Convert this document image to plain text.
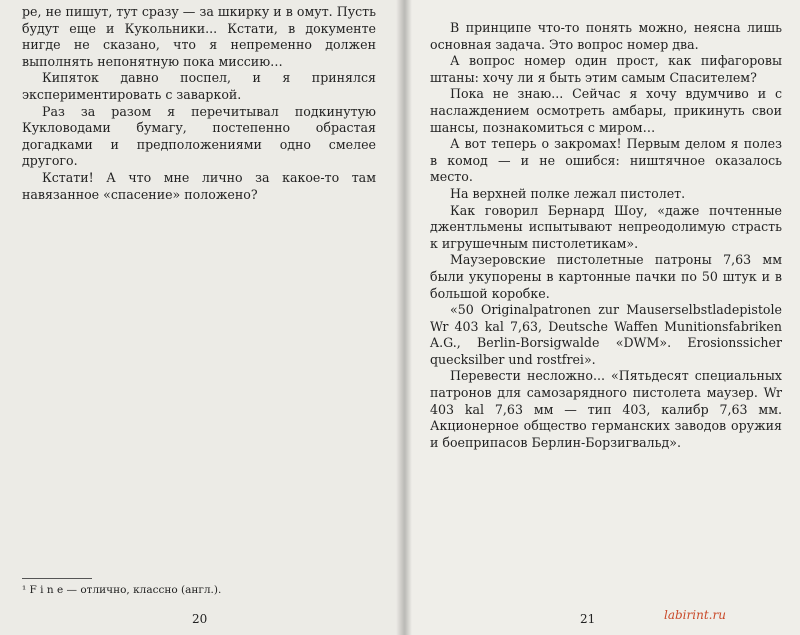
ре, не пишут, тут сразу — за шкирку и в омут. Пусть будут еще и Кукольники... Кстати, в документе нигде не сказано, что я непременно должен выполнять непонятную пока миссию…

Кипяток давно поспел, и я принялся экспериментировать с заваркой.

Раз за разом я перечитывал подкинутую Кукловодами бумагу, постепенно обрастая догадками и предположениями одно смелее другого.

Кстати! А что мне лично за какое-то там навязанное «спасение» положено?

¹ F i n e — отлично, классно (англ.).
20

В принципе что-то понять можно, неясна лишь основная задача. Это вопрос номер два.

А вопрос номер один прост, как пифагоровы штаны: хочу ли я быть этим самым Спасителем?

Пока не знаю... Сейчас я хочу вдумчиво и с наслаждением осмотреть амбары, прикинуть свои шансы, познакомиться с миром…

А вот теперь о закромах! Первым делом я полез в комод — и не ошибся: ништячное оказалось место.

На верхней полке лежал пистолет.

Как говорил Бернард Шоу, «даже почтенные джентльмены испытывают непреодолимую страсть к игрушечным пистолетикам».

Маузеровские пистолетные патроны 7,63 мм были укупорены в картонные пачки по 50 штук и в большой коробке.

«50 Originalpatronen zur Mauserselbstladepistole Wr 403 kal 7,63, Deutsche Waffen Munitionsfabriken A.G., Berlin-Borsigwalde «DWM». Erosionssicher quecksilber und rostfrei».

Перевести несложно... «Пятьдесят специальных патронов для самозарядного пистолета маузер. Wr 403 kal 7,63 мм — тип 403, калибр 7,63 мм. Акционерное общество германских заводов оружия и боеприпасов Берлин-Борзигвальд».

21	labirint.ru
